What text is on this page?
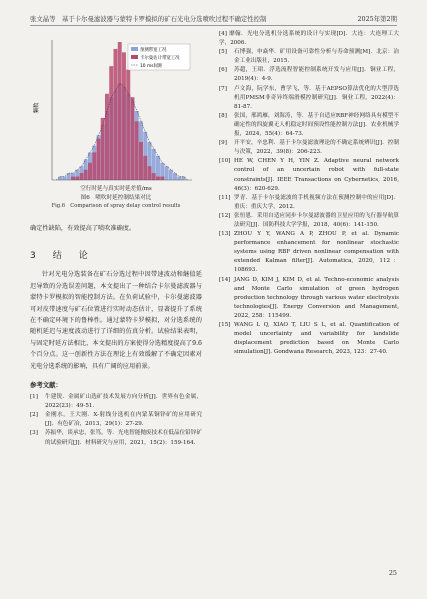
张文晶等　基于卡尔曼滤波器与蒙特卡罗模拟的矿石光电分选喷吹过程不确定性控制	2025年第2期
频数
预测带宽工况
卡尔曼估计带宽工况
10 ms间距
空行时延与真实时延差值/ms
图6　喷吹时延控制结果对比
Fig.6　Comparison of spray delay control results

确定性缺陷，有效提高了喷吹准确度。

3　结　论

针对光电分选装备在矿石分选过程中因带速波动和継值延迟导致的分选误差问题，本文提出了一种结合卡尔曼滤波器与蒙特卡罗模拟的智能控制方法。在负荷试验中，卡尔曼滤波器可对皮带速度与矿石位置进行实时动态估计，显著提升了系统在不确定环境下的鲁棒性。通过蒙特卡罗模拟，对分选系统的随机延迟与速度波动进行了详细的仿真分析。试验结果表明，与固定时延方法相比，本文提出的方案使得分选精度提高了9.6个百分点。这一创新性方法在理论上有效缓解了不确定因素对光电分选系统的影响，具有广阔的应用前景。

参考文献：
[1]	牛建锐．金属矿山选矿技术发展方向分析[J]．世界有色金属，2022(23)：49-51.
[2]	金刚水，王大刚．X-射线分选机在内蒙某铜锌矿的应用研究[J]．有色矿冶，2013，29(1)：27-29.
[3]	苏振华，谈承忠，张笃，等．光电智能抛废技术在低品位铅锌矿的试验研究[J]．材料研究与应用，2021，15(2)：159-164.
[4] 靡翰．光电分选机分选系统的设计与实现[D]．大连：大连理工大学，2006.
[5]	石博强，申焱华．矿用设备可靠性分析与寿命预测[M]．北京：冶金工业出版社，2015.
[6]	苏超，王珺．浮选流程智能控制系统开发与应用[J]．铜业工程，2019(4)：4-9.
[7]	卢文海，阮学东，曹学飞，等．基于AEPSO算法优化的大型浮选机用PMSM非奇异终端滑模控制研究[J]．铜业工程，2022(4)：81-87.
[8]	张国，邢鸿雁，刘海涛，等．基于自适应RBF神经网络具有模型不确定性的四旋翼无人机稳定时间预设性能控制方法[J]．农业机械学报，2024，55(4)：64-73.
[9]	开平安，辛忠利．基于卡尔曼滤波理论的不确定系统辨识[J]．控制与决策，2022，39(8)：206-223.
[10] HE W, CHEN Y H, YIN Z. Adaptive neural network control of an uncertain robot with full-state constraints[J]. IEEE Transactions on Cybernetics, 2016, 46(3)：620-629.
[11] 罗青．基于卡尔曼滤波的手机视频方法在预测控制中的应用[D]．重庆：重庆大学，2012.
[12] 张恒恩．采用自适应同步卡尔曼滤波器的卫星应用的飞行器导航算法研究[J]．国防科技大学学报，2018，40(6)：141-150.
[13] ZHOU Y Y, WANG A P, ZHOU P, et al. Dynamic performance enhancement for nonlinear stochastic systems using RBF driven nonlinear compensation with extended Kalman filter[J]. Automatica, 2020, 112：108693.
[14] JANG D, KIM J, KIM D, et al. Techno-economic analysis and Monte Carlo simulation of green hydrogen production technology through various water electrolysis technologies[J]. Energy Conversion and Management, 2022, 258：115499.
[15] WANG L Q, XIAO T, LIU S L, et al. Quantification of model uncertainty and variability for landslide displacement prediction based on Monte Carlo simulation[J]. Gondwana Research, 2023, 123：27-40.
25
